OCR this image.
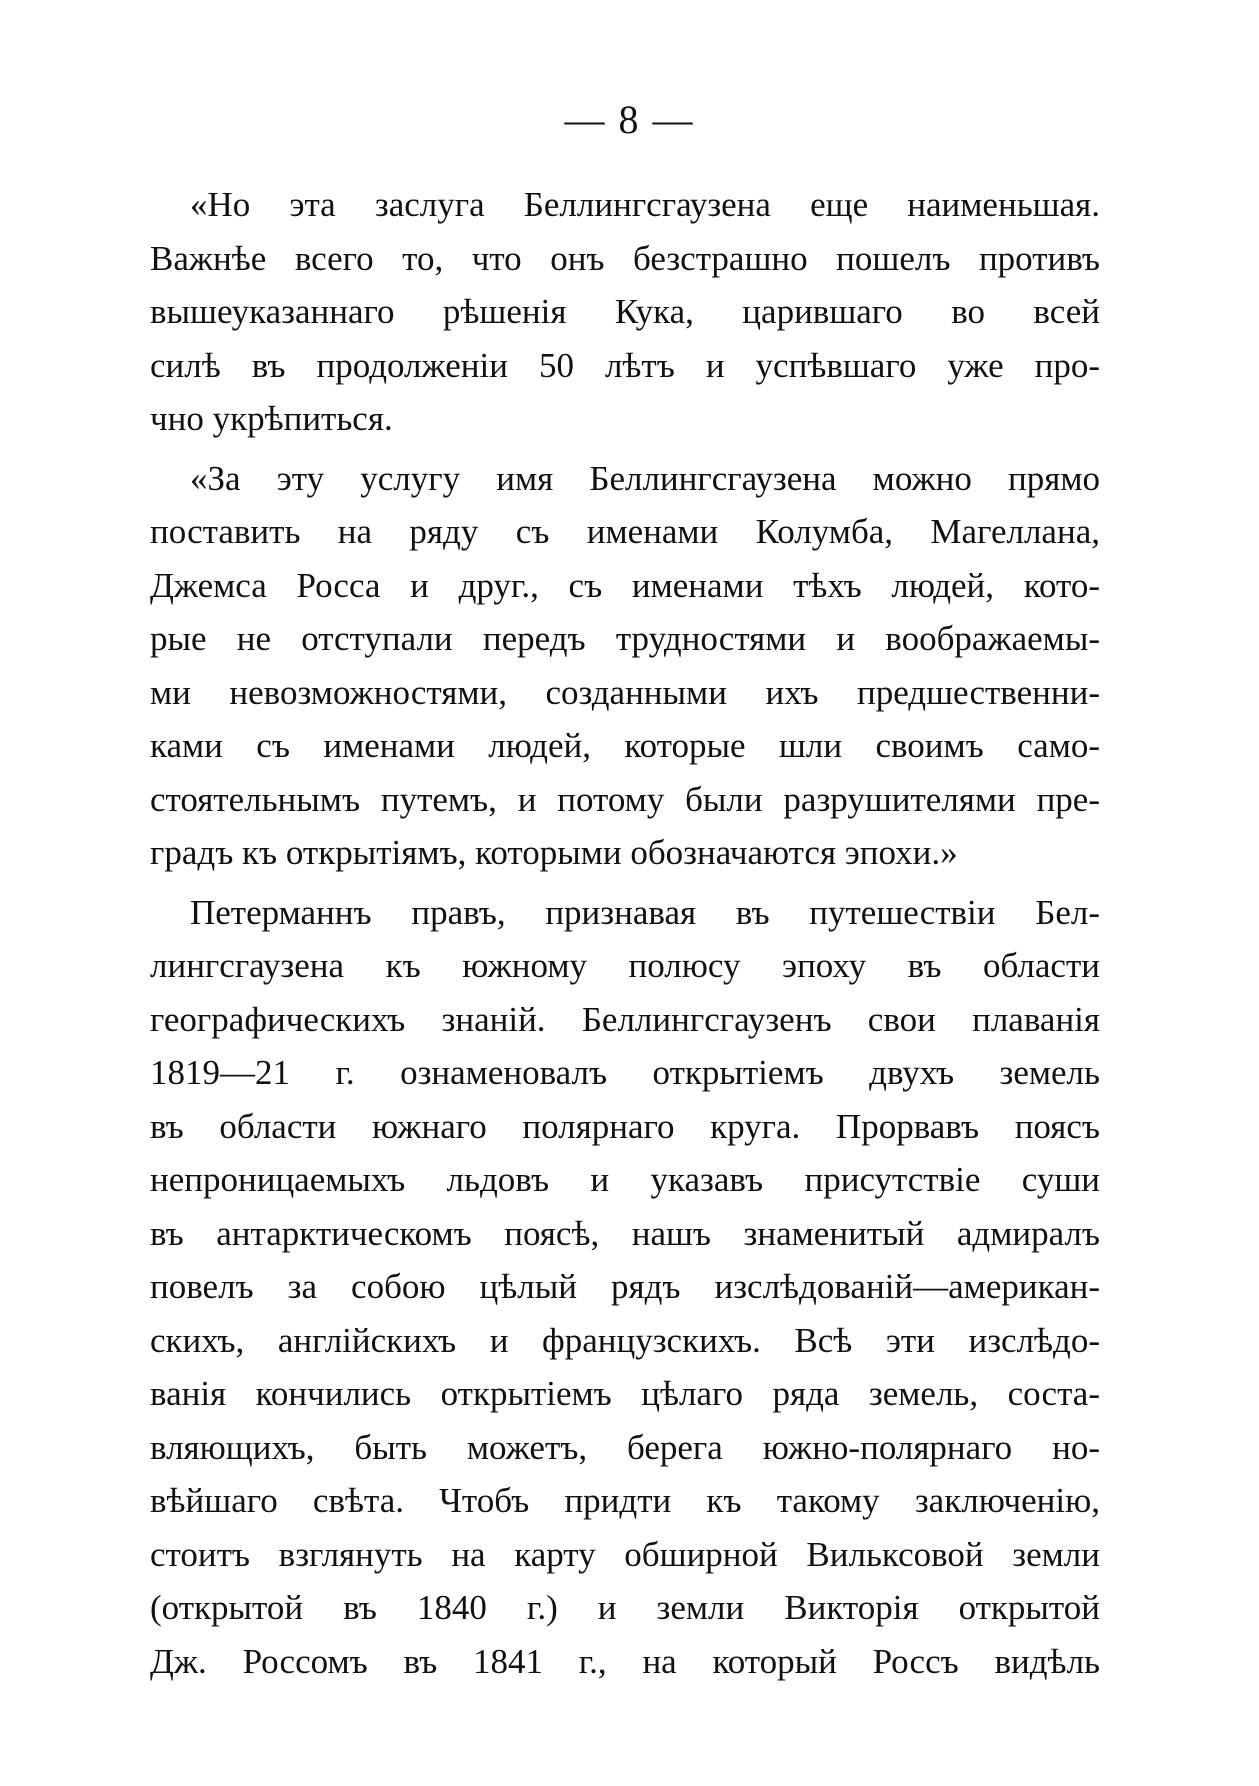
— 8 —
«Но эта заслуга Беллингсгаузена еще наименьшая.
Важнѣе всего то, что онъ безстрашно пошелъ противъ
вышеуказаннаго рѣшенія Кука, царившаго во всей
силѣ въ продолженіи 50 лѣтъ и успѣвшаго уже про-
чно укрѣпиться.
«За эту услугу имя Беллингсгаузена можно прямо
поставить на ряду съ именами Колумба, Магеллана,
Джемса Росса и друг., съ именами тѣхъ людей, кото-
рые не отступали передъ трудностями и воображаемы-
ми невозможностями, созданными ихъ предшественни-
ками съ именами людей, которые шли своимъ само-
стоятельнымъ путемъ, и потому были разрушителями пре-
градъ къ открытіямъ, которыми обозначаются эпохи.»
Петерманнъ правъ, признавая въ путешествіи Бел-
лингсгаузена къ южному полюсу эпоху въ области
географическихъ знаній. Беллингсгаузенъ свои плаванія
1819—21 г. ознаменовалъ открытіемъ двухъ земель
въ области южнаго полярнаго круга. Прорвавъ поясъ
непроницаемыхъ льдовъ и указавъ присутствіе суши
въ антарктическомъ поясѣ, нашъ знаменитый адмиралъ
повелъ за собою цѣлый рядъ изслѣдованій—американ-
скихъ, англійскихъ и французскихъ. Всѣ эти изслѣдо-
ванія кончились открытіемъ цѣлаго ряда земель, соста-
вляющихъ, быть можетъ, берега южно-полярнаго но-
вѣйшаго свѣта. Чтобъ придти къ такому заключенію,
стоитъ взглянуть на карту обширной Вильксовой земли
(открытой въ 1840 г.) и земли Викторія открытой
Дж. Россомъ въ 1841 г., на который Россъ видѣль
